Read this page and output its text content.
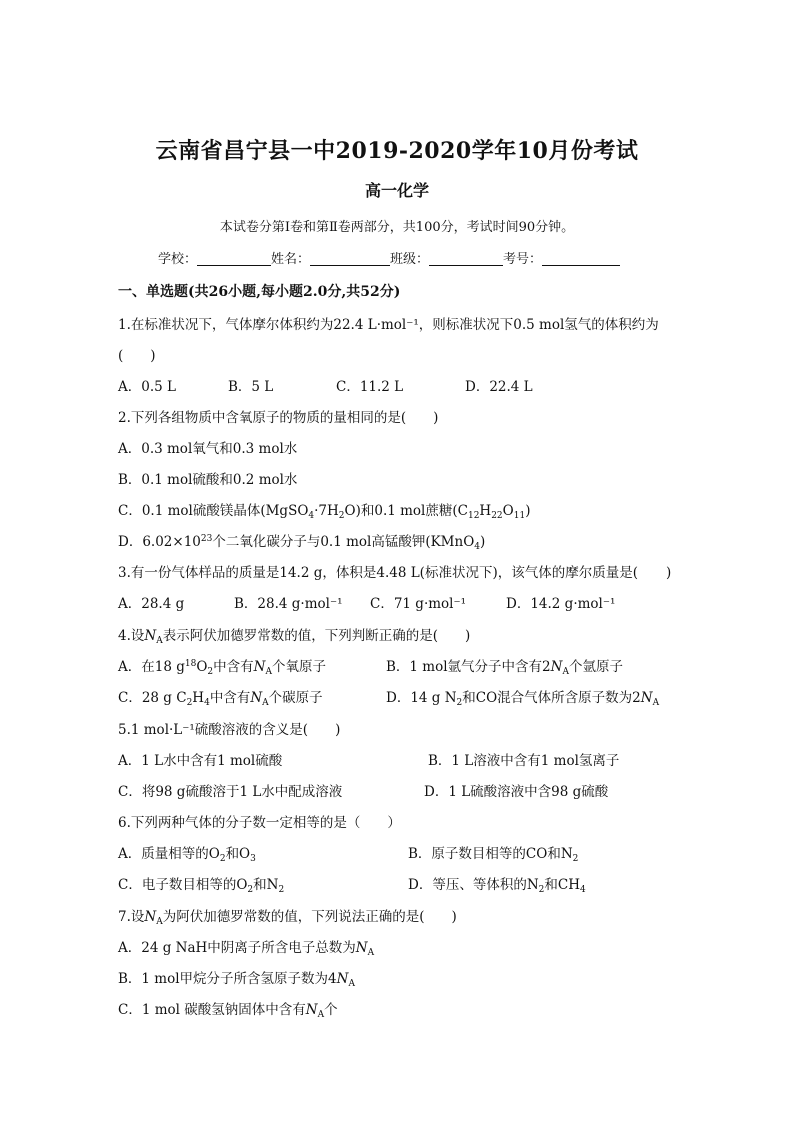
云南省昌宁县一中2019-2020学年10月份考试
高一化学
本试卷分第Ⅰ卷和第Ⅱ卷两部分，共100分，考试时间90分钟。
学校：	姓名：	班级：	考号：
一、单选题(共26小题,每小题2.0分,共52分)
1.在标准状况下，气体摩尔体积约为22.4 L·mol⁻¹，则标准状况下0.5 mol氢气的体积约为
(　　)
A．0.5 L	B．5 L	C．11.2 L	D．22.4 L
2.下列各组物质中含氧原子的物质的量相同的是(　　)
A．0.3 mol氧气和0.3 mol水
B．0.1 mol硫酸和0.2 mol水
C．0.1 mol硫酸镁晶体$(MgSO_4\cdot 7H_2O)$和0.1 mol蔗糖$(C_{12}H_{22}O_{11})$
D．$6.02\times 10^{23}$个二氧化碳分子与0.1 mol高锰酸钾(KMnO$_4$)
3.有一份气体样品的质量是14.2 g，体积是4.48 L(标准状况下)，该气体的摩尔质量是( )
A．28.4 g	B．28.4 g·mol⁻¹ C．71 g·mol⁻¹	D．14.2 g·mol⁻¹
4.设$N_A$表示阿伏加德罗常数的值，下列判断正确的是(　　)
A．在18 $g^{18}O_2$中含有$N_A$个氧原子	B．1 mol氩气分子中含有$2N_A$个氩原子
C．28 g $C_2H_4$中含有$N_A$个碳原子	D．14 g $N_2$和CO混合气体所含原子数为$2N_A$
5.1 mol·L⁻¹硫酸溶液的含义是(　　)
A．1 L水中含有1 mol硫酸	B．1 L溶液中含有1 mol氢离子
C．将98 g硫酸溶于1 L水中配成溶液	D．1 L硫酸溶液中含98 g硫酸
6.下列两种气体的分子数一定相等的是（　　）
A．质量相等的$O_2$和$O_3$	B．原子数目相等的CO和$N_2$
C．电子数目相等的$O_2$和$N_2$	D．等压、等体积的$N_2$和$CH_4$
7.设$N_A$为阿伏加德罗常数的值，下列说法正确的是(　　)
A．24 g NaH中阴离子所含电子总数为$N_A$
B．1 mol甲烷分子所含氢原子数为$4N_A$
C．1 mol 碳酸氢钠固体中含有$N_A$个
